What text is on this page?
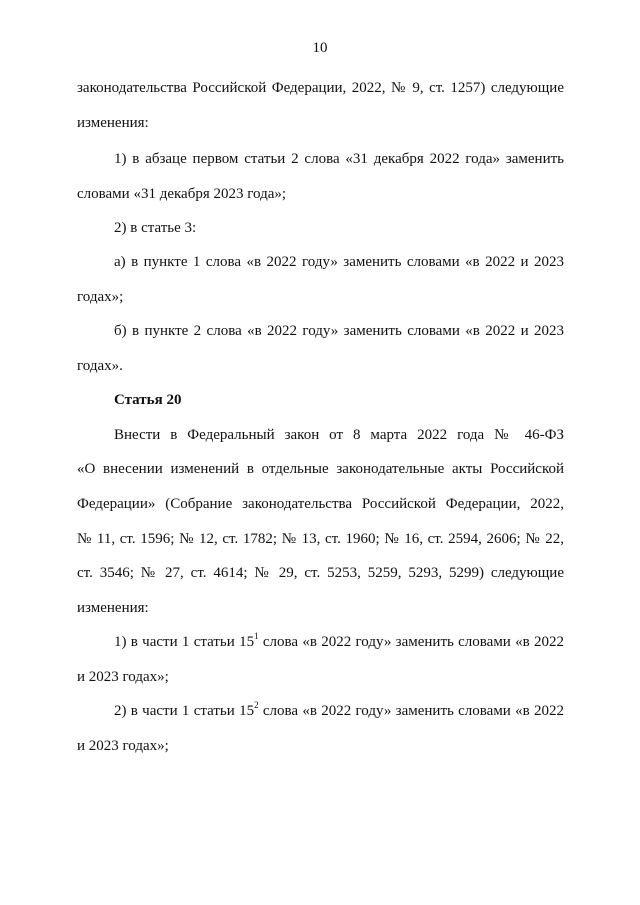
10
законодательства Российской Федерации, 2022, № 9, ст. 1257) следующие
изменения:
1) в абзаце первом статьи 2 слова «31 декабря 2022 года» заменить
словами «31 декабря 2023 года»;
2) в статье 3:
а) в пункте 1 слова «в 2022 году» заменить словами «в 2022 и 2023
годах»;
б) в пункте 2 слова «в 2022 году» заменить словами «в 2022 и 2023
годах».
Статья 20
Внести в Федеральный закон от 8 марта 2022 года № 46-ФЗ
«О внесении изменений в отдельные законодательные акты Российской
Федерации» (Собрание законодательства Российской Федерации, 2022,
№ 11, ст. 1596; № 12, ст. 1782; № 13, ст. 1960; № 16, ст. 2594, 2606; № 22,
ст. 3546; № 27, ст. 4614; № 29, ст. 5253, 5259, 5293, 5299) следующие
изменения:
1) в части 1 статьи $15^1$ слова «в 2022 году» заменить словами «в 2022
и 2023 годах»;
2) в части 1 статьи $15^2$ слова «в 2022 году» заменить словами «в 2022
и 2023 годах»;
